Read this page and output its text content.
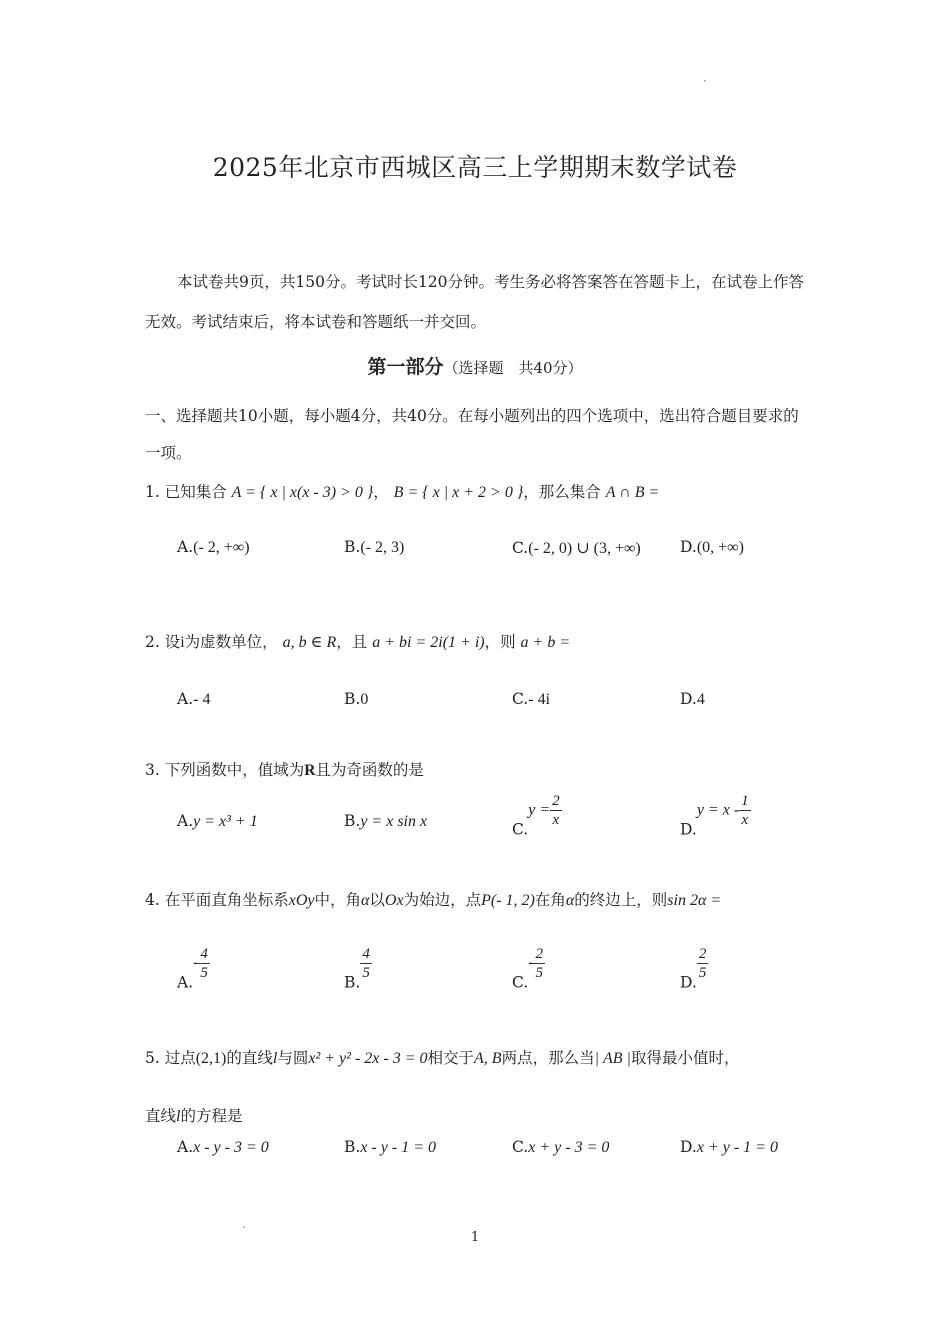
2025年北京市西城区高三上学期期末数学试卷
本试卷共9页，共150分。考试时长120分钟。考生务必将答案答在答题卡上，在试卷上作答无效。考试结束后，将本试卷和答题纸一并交回。
第一部分（选择题　共40分）
一、选择题共10小题，每小题4分，共40分。在每小题列出的四个选项中，选出符合题目要求的一项。
1. 已知集合 A = { x | x(x - 3) > 0 }， B = { x | x + 2 > 0 }，那么集合 A ∩ B =
A.(- 2, +∞)	B.(- 2, 3)	C.(- 2, 0) ∪ (3, +∞)	D.(0, +∞)
2. 设i为虚数单位， a, b ∈ R，且 a + bi = 2i(1 + i)，则 a + b =
A.- 4	B.0	C.- 4i	D.4
3. 下列函数中，值域为R且为奇函数的是
A.y = x³ + 1	B.y = x sin x	$C.y = \frac{2}{x}$
$D.y = x - \frac{1}{x}$
4. 在平面直角坐标系xOy中，角α以Ox为始边，点P(- 1, 2)在角α的终边上，则sin 2α =
$A.- \frac{4}{5}$
B.
$\frac{4}{5}$
$C.- \frac{2}{5}$
D.
$\frac{2}{5}$
5. 过点(2,1)的直线l与圆x² + y² - 2x - 3 = 0相交于A, B两点，那么当| AB |取得最小值时，
直线l的方程是
A.x - y - 3 = 0	B.x - y - 1 = 0	C.x + y - 3 = 0	D.x + y - 1 = 0
1
